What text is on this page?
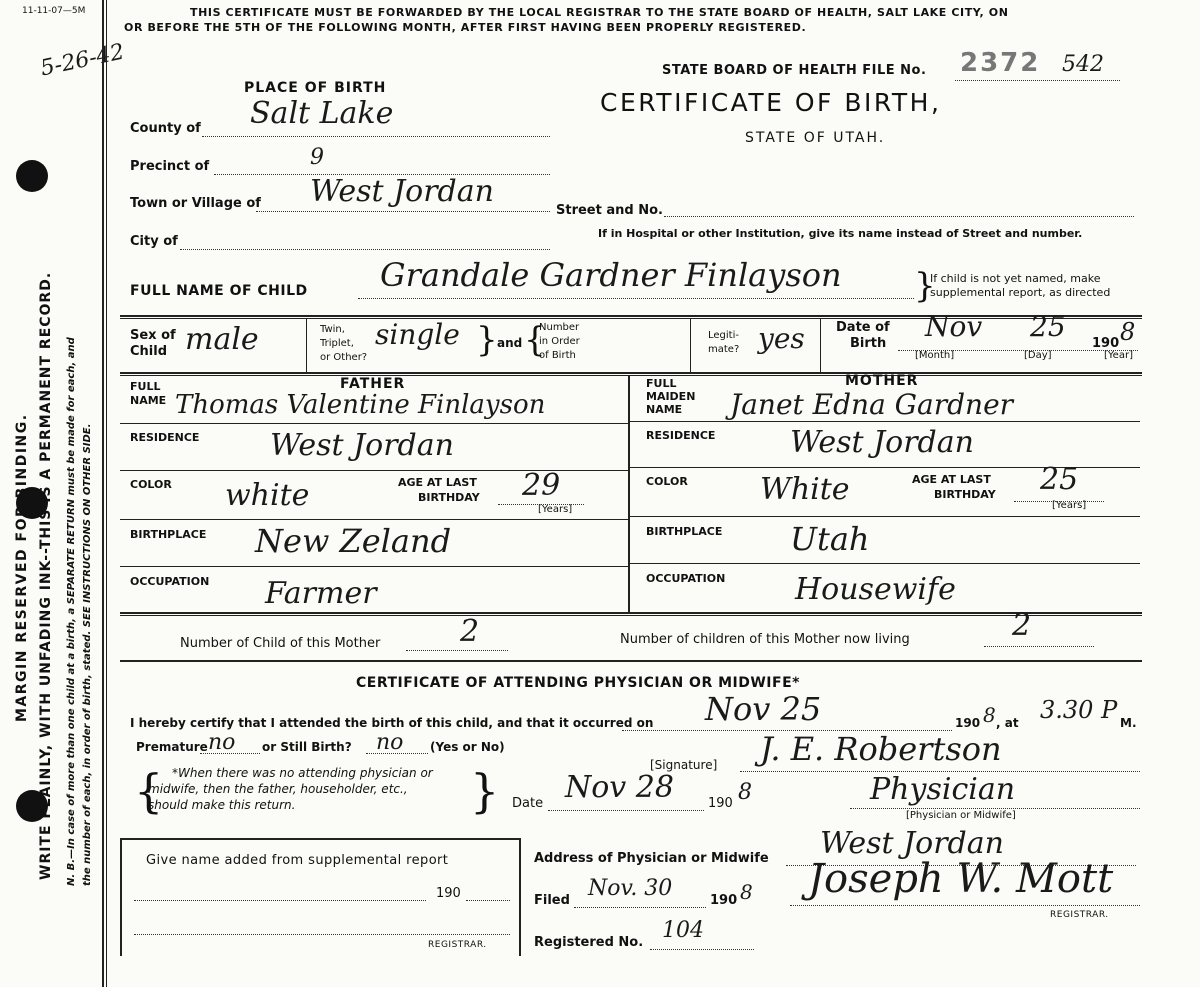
11-11-07—5M
5-26-42
MARGIN RESERVED FOR BINDING. WRITE PLAINLY, WITH UNFADING INK--THIS IS A PERMANENT RECORD. N. B.—In case of more than one child at a birth, a SEPARATE RETURN must be made for each, and the number of each, in order of birth, stated. SEE INSTRUCTIONS ON OTHER SIDE.
THIS CERTIFICATE MUST BE FORWARDED BY THE LOCAL REGISTRAR TO THE STATE BOARD OF HEALTH, SALT LAKE CITY, ON
OR BEFORE THE 5TH OF THE FOLLOWING MONTH, AFTER FIRST HAVING BEEN PROPERLY REGISTERED.
STATE BOARD OF HEALTH FILE No. 2372 542
CERTIFICATE OF BIRTH,
STATE OF UTAH.
PLACE OF BIRTH
County of Salt Lake
Precinct of	9
Town or Village of West Jordan
City of
Street and No.
If in Hospital or other Institution, give its name instead of Street and number.
FULL NAME OF CHILD Grandale Gardner Finlayson }
If child is not yet named, make
supplemental report, as directed
Sex of
Child male	Twin,
Triplet,
or Other?
single } and {
Number
in Order
of Birth
Legiti-
mate? yes Date of
Birth
Nov 25
190 8
[Month]	[Day]	[Year]
FULL
NAME
FATHER
Thomas Valentine Finlayson
RESIDENCE West Jordan
COLOR white	AGE AT LAST
BIRTHDAY 29
[Years]
BIRTHPLACE New Zeland
OCCUPATION Farmer
FULL
MAIDEN
NAME
MOTHER
Janet Edna Gardner
RESIDENCE West Jordan
COLOR White	AGE AT LAST
BIRTHDAY 25
[Years]
BIRTHPLACE Utah
OCCUPATION Housewife
Number of Child of this Mother	2	Number of children of this Mother now living	2
CERTIFICATE OF ATTENDING PHYSICIAN OR MIDWIFE*
I hereby certify that I attended the birth of this child, and that it occurred on Nov 25	190 8 , at 3.30 P M.
Premature no or Still Birth? no (Yes or No)
{	}
*When there was no attending physician or
midwife, then the father, householder, etc.,
should make this return.
[Signature] J. E. Robertson
Date Nov 28	190 8	Physician
[Physician or Midwife]
Give name added from supplemental report
190
REGISTRAR.
Address of Physician or Midwife West Jordan
Filed Nov. 30	190 8 Joseph W. Mott
REGISTRAR.
Registered No. 104
